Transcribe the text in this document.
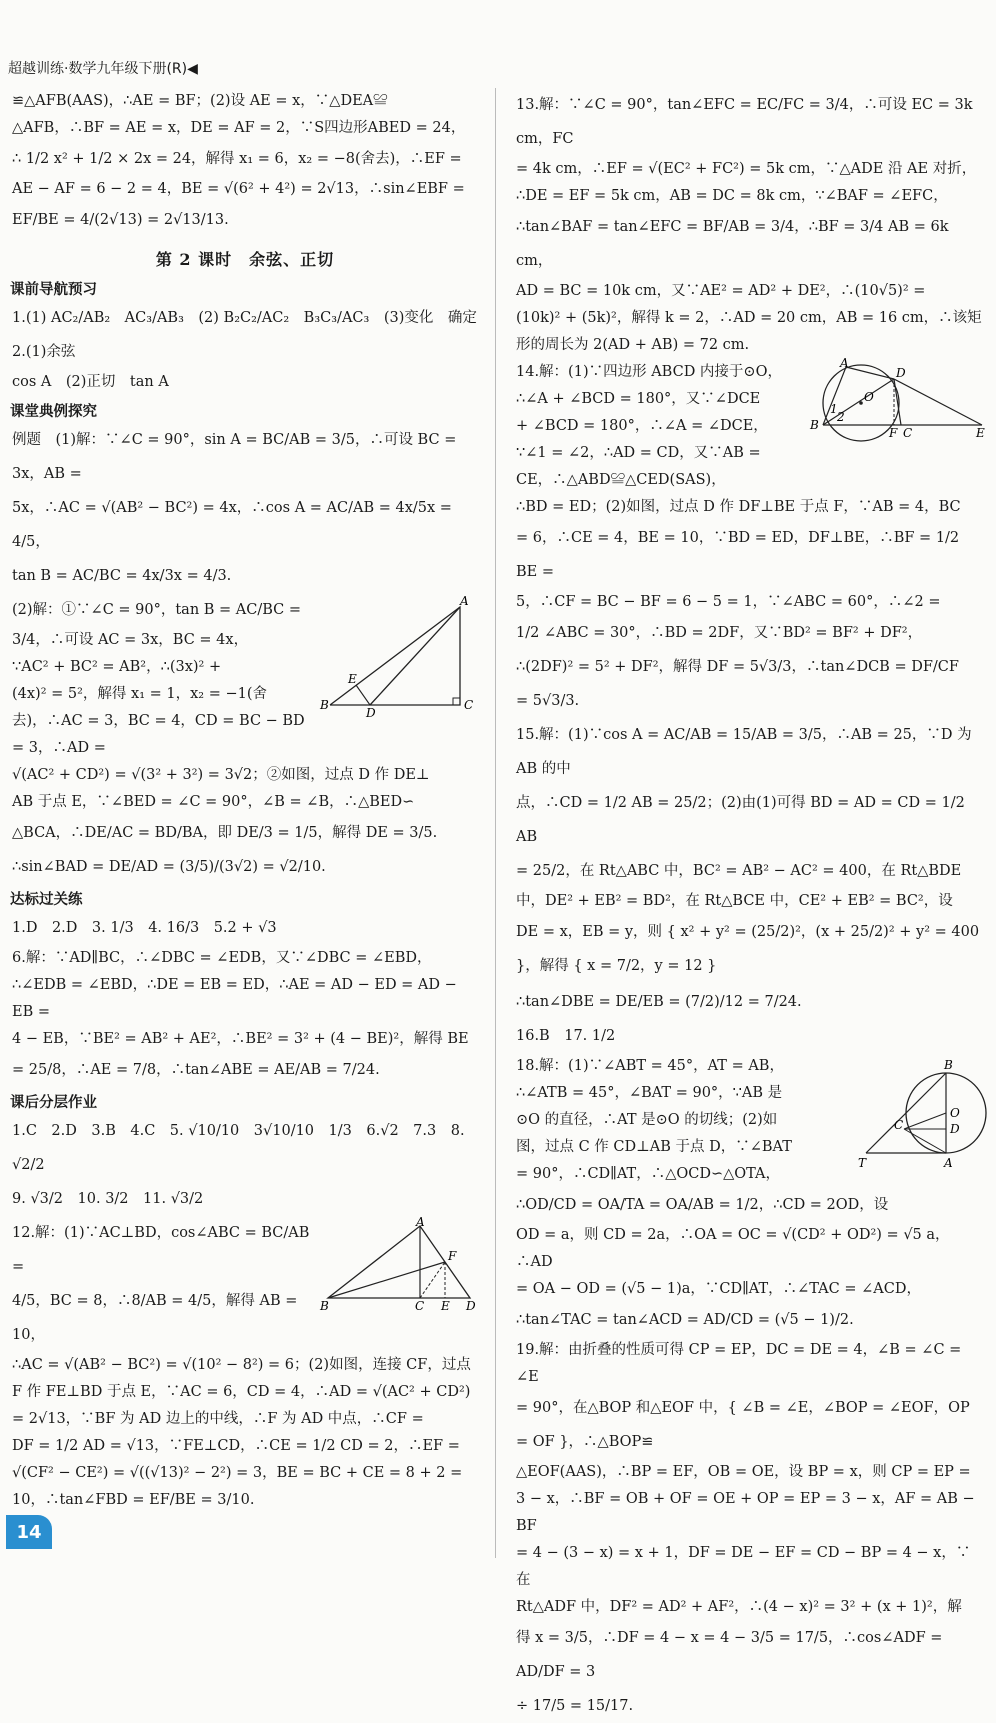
超越训练·数学九年级下册(R)◀

≌△AFB(AAS)，∴AE = BF；(2)设 AE = x，∵△DEA≌

△AFB，∴BF = AE = x，DE = AF = 2，∵S四边形ABED = 24，

∴ 1/2 x² + 1/2 × 2x = 24，解得 x₁ = 6，x₂ = −8(舍去)，∴EF =

AE − AF = 6 − 2 = 4，BE = √(6² + 4²) = 2√13，∴sin∠EBF =

EF/BE = 4/(2√13) = 2√13/13.

第 2 课时　余弦、正切
课前导航预习

1.(1) AC₂/AB₂　AC₃/AB₃　(2) B₂C₂/AC₂　B₃C₃/AC₃　(3)变化　确定　2.(1)余弦

cos A　(2)正切　tan A

课堂典例探究

例题　(1)解：∵∠C = 90°，sin A = BC/AB = 3/5，∴可设 BC = 3x，AB =

5x，∴AC = √(AB² − BC²) = 4x，∴cos A = AC/AB = 4x/5x = 4/5，

tan B = AC/BC = 4x/3x = 4/3.

A
B	C
D
E

(2)解：①∵∠C = 90°，tan B = AC/BC =

3/4，∴可设 AC = 3x，BC = 4x，

∵AC² + BC² = AB²，∴(3x)² +

(4x)² = 5²，解得 x₁ = 1，x₂ = −1(舍

去)，∴AC = 3，BC = 4，CD = BC − BD = 3，∴AD =

√(AC² + CD²) = √(3² + 3²) = 3√2；②如图，过点 D 作 DE⊥

AB 于点 E，∵∠BED = ∠C = 90°，∠B = ∠B，∴△BED∽

△BCA，∴DE/AC = BD/BA，即 DE/3 = 1/5，解得 DE = 3/5.

∴sin∠BAD = DE/AD = (3/5)/(3√2) = √2/10.

达标过关练

1.D　2.D　3. 1/3　4. 16/3　5.2 + √3

6.解：∵AD∥BC，∴∠DBC = ∠EDB，又∵∠DBC = ∠EBD，

∴∠EDB = ∠EBD，∴DE = EB = ED，∴AE = AD − ED = AD − EB =

4 − EB，∵BE² = AB² + AE²，∴BE² = 3² + (4 − BE)²，解得 BE

= 25/8，∴AE = 7/8，∴tan∠ABE = AE/AB = 7/24.

课后分层作业

1.C　2.D　3.B　4.C　5. √10/10　3√10/10　1/3　6.√2　7.3　8. √2/2

9. √3/2　10. 3/2　11. √3/2

A
B	C	D
E
F

12.解：(1)∵AC⊥BD，cos∠ABC = BC/AB =

4/5，BC = 8，∴8/AB = 4/5，解得 AB = 10，

∴AC = √(AB² − BC²) = √(10² − 8²) = 6；(2)如图，连接 CF，过点

F 作 FE⊥BD 于点 E，∵AC = 6，CD = 4，∴AD = √(AC² + CD²)

= 2√13，∵BF 为 AD 边上的中线，∴F 为 AD 中点，∴CF =

DF = 1/2 AD = √13，∵FE⊥CD，∴CE = 1/2 CD = 2，∴EF =

√(CF² − CE²) = √((√13)² − 2²) = 3，BE = BC + CE = 8 + 2 =

10，∴tan∠FBD = EF/BE = 3/10.

13.解：∵∠C = 90°，tan∠EFC = EC/FC = 3/4，∴可设 EC = 3k cm，FC

= 4k cm，∴EF = √(EC² + FC²) = 5k cm，∵△ADE 沿 AE 对折，

∴DE = EF = 5k cm，AB = DC = 8k cm，∵∠BAF = ∠EFC，

∴tan∠BAF = tan∠EFC = BF/AB = 3/4，∴BF = 3/4 AB = 6k cm，

AD = BC = 10k cm，又∵AE² = AD² + DE²，∴(10√5)² =

(10k)² + (5k)²，解得 k = 2，∴AD = 20 cm，AB = 16 cm，∴该矩

形的周长为 2(AD + AB) = 72 cm.

A
B
C
D
E
F
O
1
2

14.解：(1)∵四边形 ABCD 内接于⊙O，

∴∠A + ∠BCD = 180°，又∵∠DCE

+ ∠BCD = 180°，∴∠A = ∠DCE，

∵∠1 = ∠2，∴AD = CD，又∵AB =

CE，∴△ABD≌△CED(SAS)，

∴BD = ED；(2)如图，过点 D 作 DF⊥BE 于点 F，∵AB = 4，BC

= 6，∴CE = 4，BE = 10，∵BD = ED，DF⊥BE，∴BF = 1/2 BE =

5，∴CF = BC − BF = 6 − 5 = 1，∵∠ABC = 60°，∴∠2 =

1/2 ∠ABC = 30°，∴BD = 2DF，又∵BD² = BF² + DF²，

∴(2DF)² = 5² + DF²，解得 DF = 5√3/3，∴tan∠DCB = DF/CF

= 5√3/3.

15.解：(1)∵cos A = AC/AB = 15/AB = 3/5，∴AB = 25，∵D 为 AB 的中

点，∴CD = 1/2 AB = 25/2；(2)由(1)可得 BD = AD = CD = 1/2 AB

= 25/2，在 Rt△ABC 中，BC² = AB² − AC² = 400，在 Rt△BDE

中，DE² + EB² = BD²，在 Rt△BCE 中，CE² + EB² = BC²，设

DE = x，EB = y，则 { x² + y² = (25/2)²，(x + 25/2)² + y² = 400 }，解得 { x = 7/2，y = 12 }

∴tan∠DBE = DE/EB = (7/2)/12 = 7/24.

16.B　17. 1/2

B
O
D
C
A
T

18.解：(1)∵∠ABT = 45°，AT = AB，

∴∠ATB = 45°，∠BAT = 90°，∵AB 是

⊙O 的直径，∴AT 是⊙O 的切线；(2)如

图，过点 C 作 CD⊥AB 于点 D，∵∠BAT

= 90°，∴CD∥AT，∴△OCD∽△OTA，

∴OD/CD = OA/TA = OA/AB = 1/2，∴CD = 2OD，设

OD = a，则 CD = 2a，∴OA = OC = √(CD² + OD²) = √5 a，∴AD

= OA − OD = (√5 − 1)a，∵CD∥AT，∴∠TAC = ∠ACD，

∴tan∠TAC = tan∠ACD = AD/CD = (√5 − 1)/2.

19.解：由折叠的性质可得 CP = EP，DC = DE = 4，∠B = ∠C = ∠E

= 90°，在△BOP 和△EOF 中，{ ∠B = ∠E，∠BOP = ∠EOF，OP = OF }，∴△BOP≌

△EOF(AAS)，∴BP = EF，OB = OE，设 BP = x，则 CP = EP =

3 − x，∴BF = OB + OF = OE + OP = EP = 3 − x，AF = AB − BF

= 4 − (3 − x) = x + 1，DF = DE − EF = CD − BP = 4 − x，∵在

Rt△ADF 中，DF² = AD² + AF²，∴(4 − x)² = 3² + (x + 1)²，解

得 x = 3/5，∴DF = 4 − x = 4 − 3/5 = 17/5，∴cos∠ADF = AD/DF = 3

÷ 17/5 = 15/17.

14
